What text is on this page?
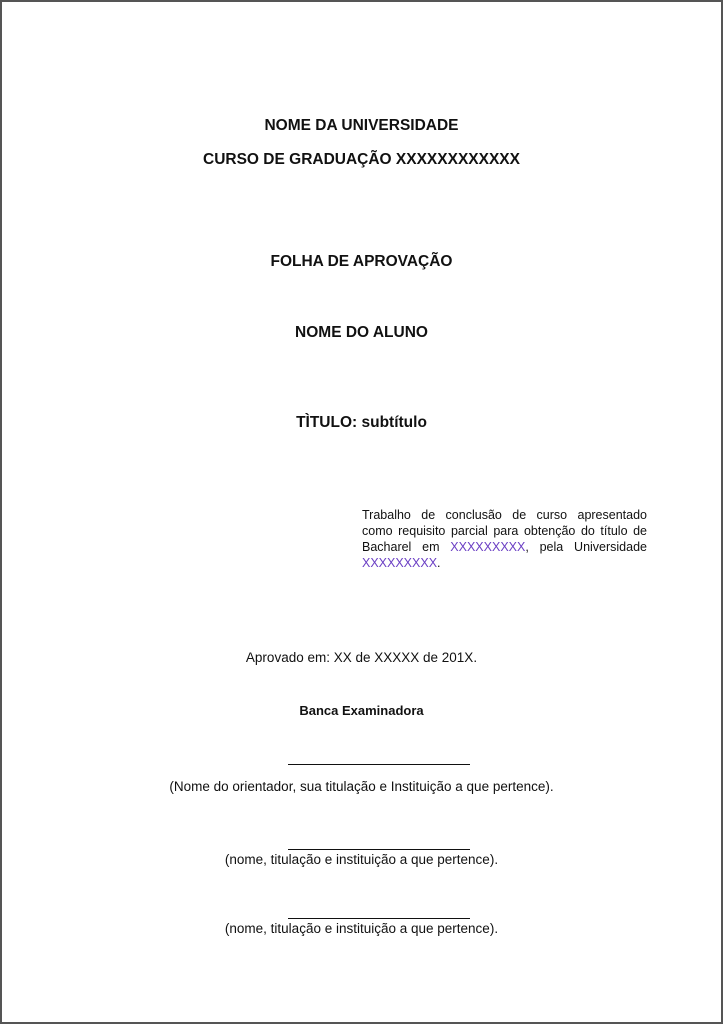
NOME DA UNIVERSIDADE
CURSO DE GRADUAÇÃO XXXXXXXXXXXX
FOLHA DE APROVAÇÃO
NOME DO ALUNO
TÌTULO: subtítulo
Trabalho de conclusão de curso apresentado
como requisito parcial para obtenção do título de
Bacharel em XXXXXXXXX, pela Universidade
XXXXXXXXX.
Aprovado em: XX de XXXXX de 201X.
Banca Examinadora
(Nome do orientador, sua titulação e Instituição a que pertence).
(nome, titulação e instituição a que pertence).
(nome, titulação e instituição a que pertence).
